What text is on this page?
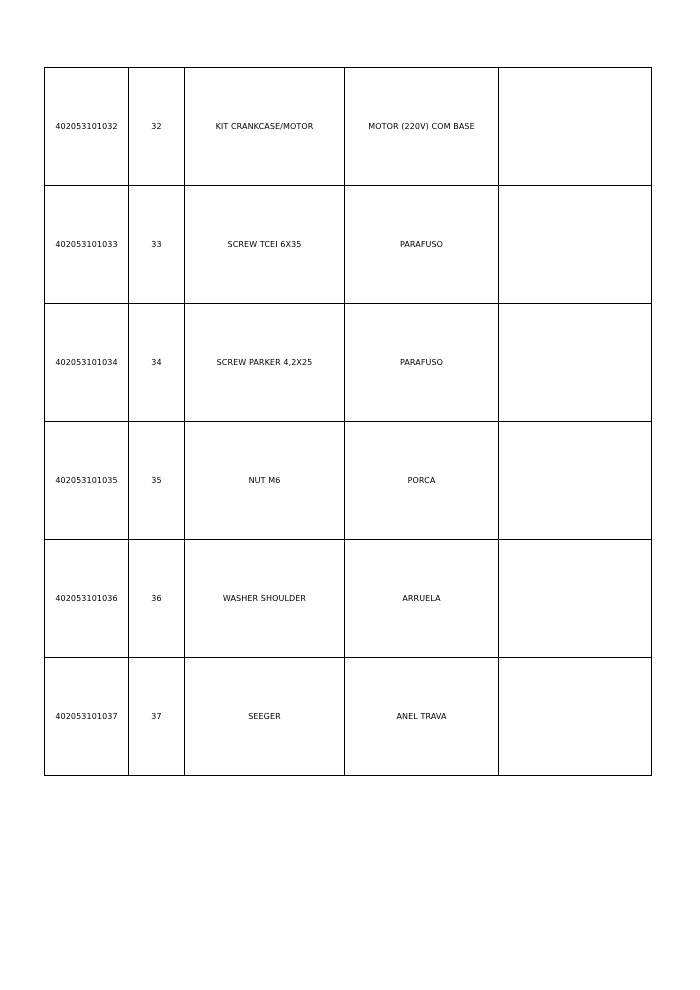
402053101032	32	KIT CRANKCASE/MOTOR	MOTOR (220V) COM BASE	
402053101033	33	SCREW TCEI 6X35	PARAFUSO	
402053101034	34	SCREW PARKER 4,2X25	PARAFUSO	
402053101035	35	NUT M6	PORCA	
402053101036	36	WASHER SHOULDER	ARRUELA	
402053101037	37	SEEGER	ANEL TRAVA	
